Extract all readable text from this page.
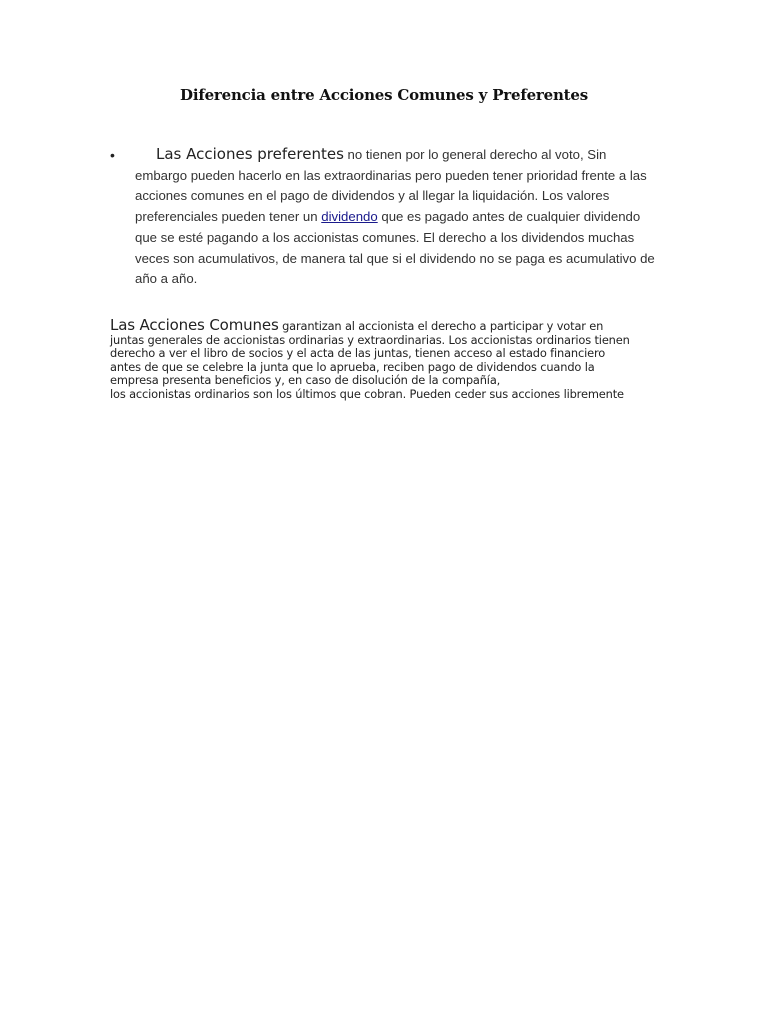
Diferencia entre Acciones Comunes y Preferentes
•	Las Acciones preferentes no tienen por lo general derecho al voto, Sin embargo pueden hacerlo en las extraordinarias pero pueden tener prioridad frente a las acciones comunes en el pago de dividendos y al llegar la liquidación. Los valores preferenciales pueden tener un dividendo que es pagado antes de cualquier dividendo que se esté pagando a los accionistas comunes. El derecho a los dividendos muchas veces son acumulativos, de manera tal que si el dividendo no se paga es acumulativo de año a año.
Las Acciones Comunes garantizan al accionista el derecho a participar y votar en
juntas generales de accionistas ordinarias y extraordinarias. Los accionistas ordinarios tienen
derecho a ver el libro de socios y el acta de las juntas, tienen acceso al estado financiero
antes de que se celebre la junta que lo aprueba, reciben pago de dividendos cuando la
empresa presenta beneficios y, en caso de disolución de la compañía,
los accionistas ordinarios son los últimos que cobran. Pueden ceder sus acciones libremente
